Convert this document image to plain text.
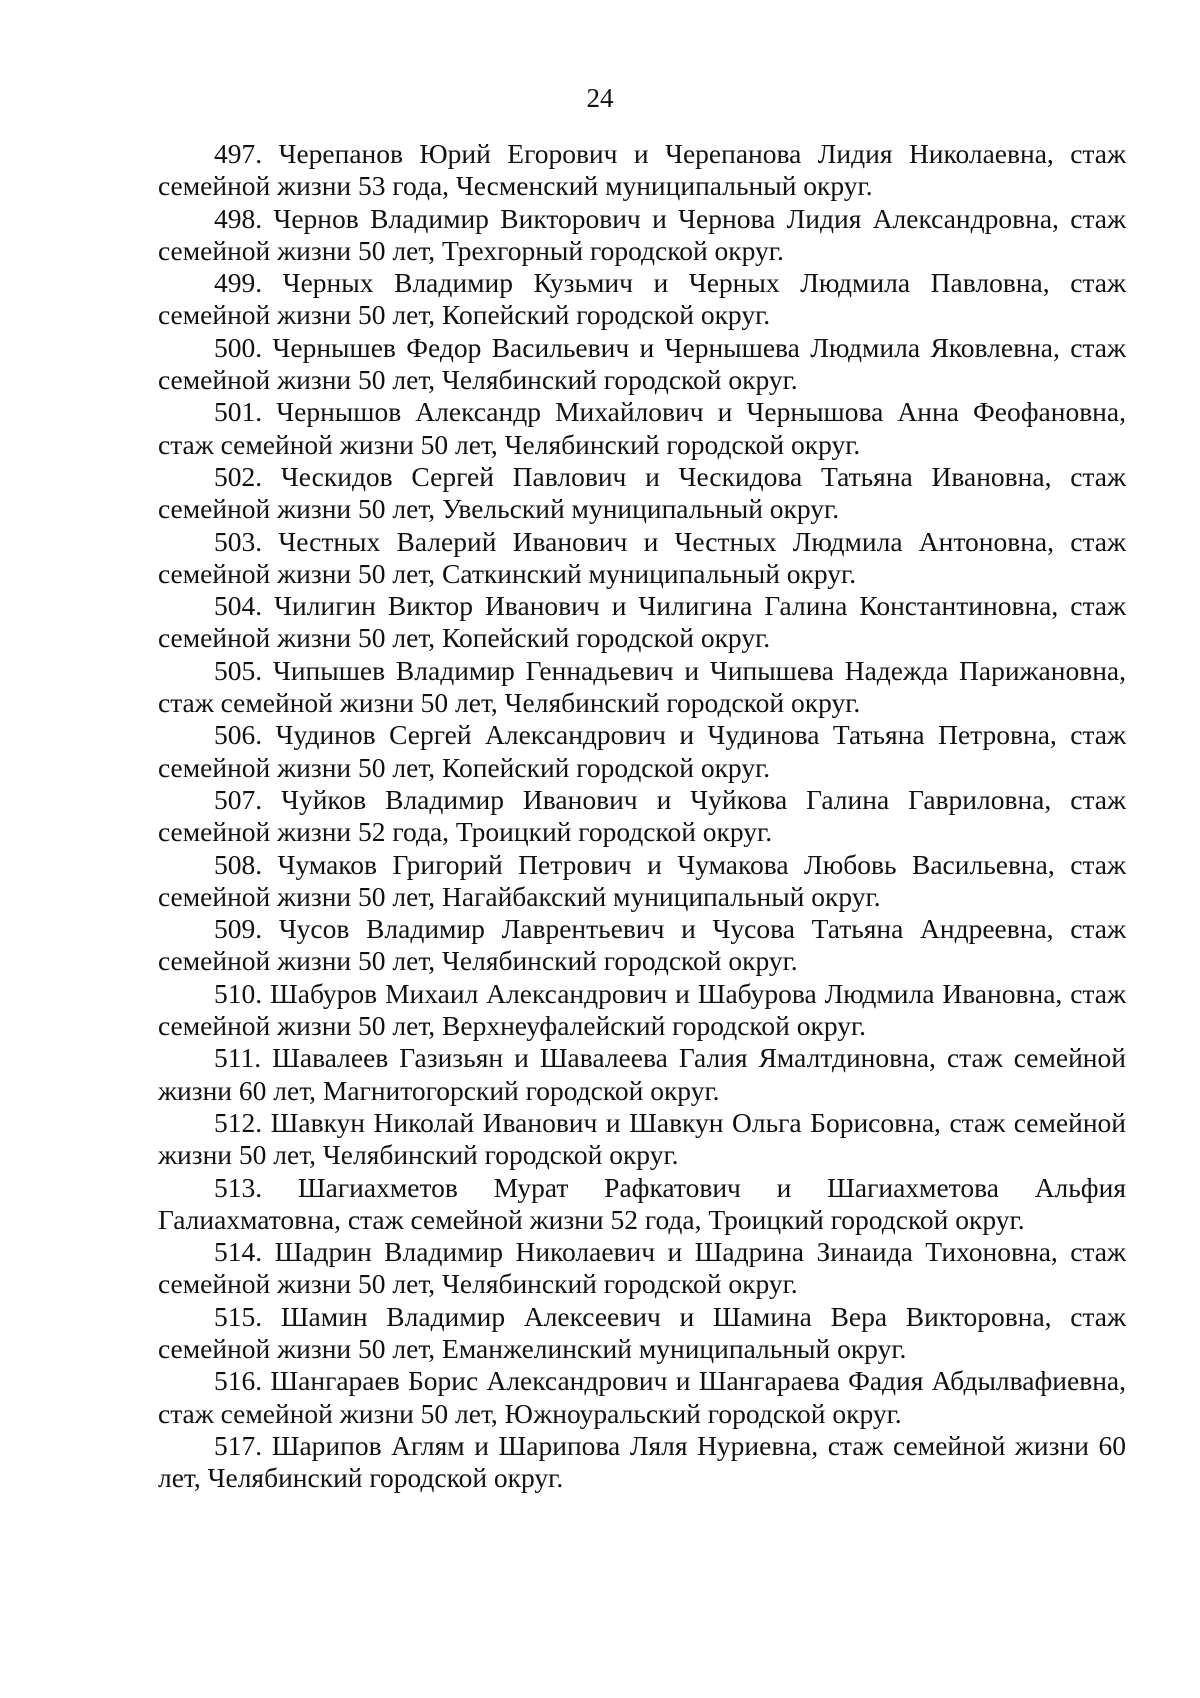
24

497. Черепанов Юрий Егорович и Черепанова Лидия Николаевна, стаж семейной жизни 53 года, Чесменский муниципальный округ.

498. Чернов Владимир Викторович и Чернова Лидия Александровна, стаж семейной жизни 50 лет, Трехгорный городской округ.

499. Черных Владимир Кузьмич и Черных Людмила Павловна, стаж семейной жизни 50 лет, Копейский городской округ.

500. Чернышев Федор Васильевич и Чернышева Людмила Яковлевна, стаж семейной жизни 50 лет, Челябинский городской округ.

501. Чернышов Александр Михайлович и Чернышова Анна Феофановна, стаж семейной жизни 50 лет, Челябинский городской округ.

502. Ческидов Сергей Павлович и Ческидова Татьяна Ивановна, стаж семейной жизни 50 лет, Увельский муниципальный округ.

503. Честных Валерий Иванович и Честных Людмила Антоновна, стаж семейной жизни 50 лет, Саткинский муниципальный округ.

504. Чилигин Виктор Иванович и Чилигина Галина Константиновна, стаж семейной жизни 50 лет, Копейский городской округ.

505. Чипышев Владимир Геннадьевич и Чипышева Надежда Парижановна, стаж семейной жизни 50 лет, Челябинский городской округ.

506. Чудинов Сергей Александрович и Чудинова Татьяна Петровна, стаж семейной жизни 50 лет, Копейский городской округ.

507. Чуйков Владимир Иванович и Чуйкова Галина Гавриловна, стаж семейной жизни 52 года, Троицкий городской округ.

508. Чумаков Григорий Петрович и Чумакова Любовь Васильевна, стаж семейной жизни 50 лет, Нагайбакский муниципальный округ.

509. Чусов Владимир Лаврентьевич и Чусова Татьяна Андреевна, стаж семейной жизни 50 лет, Челябинский городской округ.

510. Шабуров Михаил Александрович и Шабурова Людмила Ивановна, стаж семейной жизни 50 лет, Верхнеуфалейский городской округ.

511. Шавалеев Газизьян и Шавалеева Галия Ямалтдиновна, стаж семейной жизни 60 лет, Магнитогорский городской округ.

512. Шавкун Николай Иванович и Шавкун Ольга Борисовна, стаж семейной жизни 50 лет, Челябинский городской округ.

513. Шагиахметов Мурат Рафкатович и Шагиахметова Альфия Галиахматовна, стаж семейной жизни 52 года, Троицкий городской округ.

514. Шадрин Владимир Николаевич и Шадрина Зинаида Тихоновна, стаж семейной жизни 50 лет, Челябинский городской округ.

515. Шамин Владимир Алексеевич и Шамина Вера Викторовна, стаж семейной жизни 50 лет, Еманжелинский муниципальный округ.

516. Шангараев Борис Александрович и Шангараева Фадия Абдылвафиевна, стаж семейной жизни 50 лет, Южноуральский городской округ.

517. Шарипов Аглям и Шарипова Ляля Нуриевна, стаж семейной жизни 60 лет, Челябинский городской округ.
